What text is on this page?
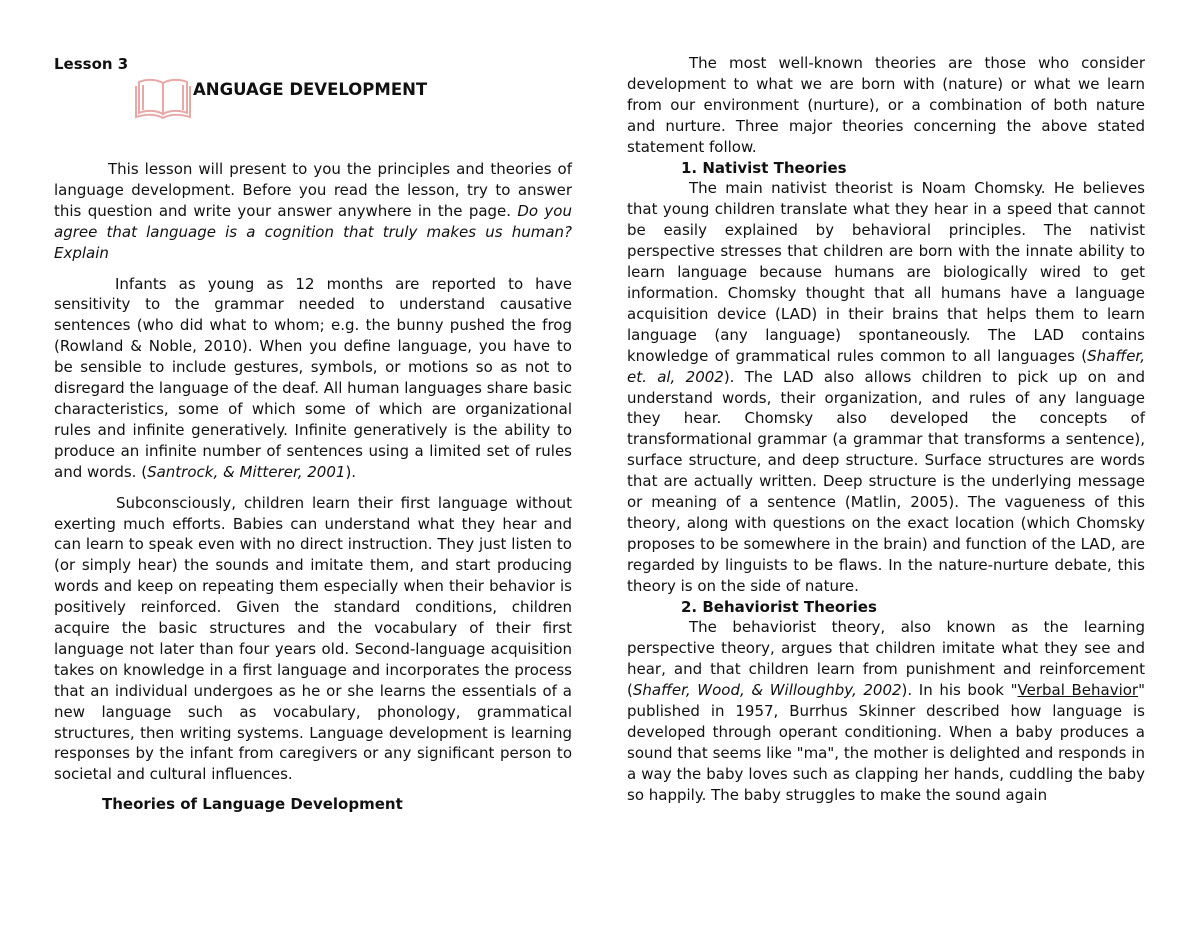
Lesson 3

ANGUAGE DEVELOPMENT

This lesson will present to you the principles and theories of language development. Before you read the lesson, try to answer this question and write your answer anywhere in the page. Do you agree that language is a cognition that truly makes us human? Explain

Infants as young as 12 months are reported to have sensitivity to the grammar needed to understand causative sentences (who did what to whom; e.g. the bunny pushed the frog (Rowland & Noble, 2010). When you define language, you have to be sensible to include gestures, symbols, or motions so as not to disregard the language of the deaf. All human languages share basic characteristics, some of which some of which are organizational rules and infinite generatively. Infinite generatively is the ability to produce an infinite number of sentences using a limited set of rules and words. (Santrock, & Mitterer, 2001).

Subconsciously, children learn their first language without exerting much efforts. Babies can understand what they hear and can learn to speak even with no direct instruction. They just listen to (or simply hear) the sounds and imitate them, and start producing words and keep on repeating them especially when their behavior is positively reinforced. Given the standard conditions, children acquire the basic structures and the vocabulary of their first language not later than four years old. Second-language acquisition takes on knowledge in a first language and incorporates the process that an individual undergoes as he or she learns the essentials of a new language such as vocabulary, phonology, grammatical structures, then writing systems. Language development is learning responses by the infant from caregivers or any significant person to societal and cultural influences.

Theories of Language Development

The most well-known theories are those who consider development to what we are born with (nature) or what we learn from our environment (nurture), or a combination of both nature and nurture. Three major theories concerning the above stated statement follow.

1. Nativist Theories

The main nativist theorist is Noam Chomsky. He believes that young children translate what they hear in a speed that cannot be easily explained by behavioral principles. The nativist perspective stresses that children are born with the innate ability to learn language because humans are biologically wired to get information. Chomsky thought that all humans have a language acquisition device (LAD) in their brains that helps them to learn language (any language) spontaneously. The LAD contains knowledge of grammatical rules common to all languages (Shaffer, et. al, 2002). The LAD also allows children to pick up on and understand words, their organization, and rules of any language they hear. Chomsky also developed the concepts of transformational grammar (a grammar that transforms a sentence), surface structure, and deep structure. Surface structures are words that are actually written. Deep structure is the underlying message or meaning of a sentence (Matlin, 2005). The vagueness of this theory, along with questions on the exact location (which Chomsky proposes to be somewhere in the brain) and function of the LAD, are regarded by linguists to be flaws. In the nature-nurture debate, this theory is on the side of nature.

2. Behaviorist Theories

The behaviorist theory, also known as the learning perspective theory, argues that children imitate what they see and hear, and that children learn from punishment and reinforcement (Shaffer, Wood, & Willoughby, 2002). In his book "Verbal Behavior" published in 1957, Burrhus Skinner described how language is developed through operant conditioning. When a baby produces a sound that seems like "ma", the mother is delighted and responds in a way the baby loves such as clapping her hands, cuddling the baby so happily. The baby struggles to make the sound again
